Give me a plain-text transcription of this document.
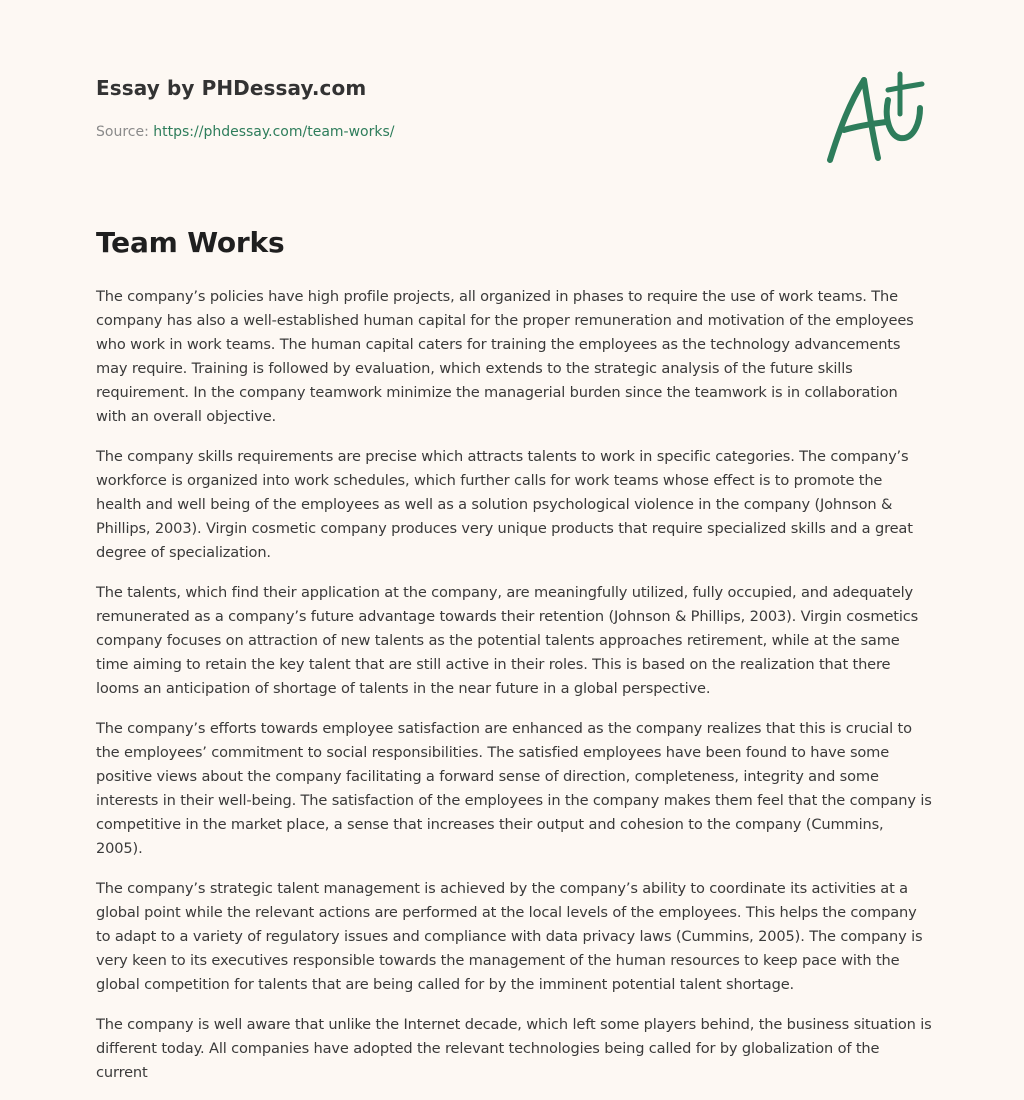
Essay by PHDessay.com

Source: https://phdessay.com/team-works/

Team Works

The company’s policies have high profile projects, all organized in phases to require the use of work teams. The company has also a well-established human capital for the proper remuneration and motivation of the employees who work in work teams. The human capital caters for training the employees as the technology advancements may require. Training is followed by evaluation, which extends to the strategic analysis of the future skills requirement. In the company teamwork minimize the managerial burden since the teamwork is in collaboration with an overall objective.

The company skills requirements are precise which attracts talents to work in specific categories. The company’s workforce is organized into work schedules, which further calls for work teams whose effect is to promote the health and well being of the employees as well as a solution psychological violence in the company (Johnson & Phillips, 2003). Virgin cosmetic company produces very unique products that require specialized skills and a great degree of specialization.

The talents, which find their application at the company, are meaningfully utilized, fully occupied, and adequately remunerated as a company’s future advantage towards their retention (Johnson & Phillips, 2003). Virgin cosmetics company focuses on attraction of new talents as the potential talents approaches retirement, while at the same time aiming to retain the key talent that are still active in their roles. This is based on the realization that there looms an anticipation of shortage of talents in the near future in a global perspective.

The company’s efforts towards employee satisfaction are enhanced as the company realizes that this is crucial to the employees’ commitment to social responsibilities. The satisfied employees have been found to have some positive views about the company facilitating a forward sense of direction, completeness, integrity and some interests in their well-being. The satisfaction of the employees in the company makes them feel that the company is competitive in the market place, a sense that increases their output and cohesion to the company (Cummins, 2005).

The company’s strategic talent management is achieved by the company’s ability to coordinate its activities at a global point while the relevant actions are performed at the local levels of the employees. This helps the company to adapt to a variety of regulatory issues and compliance with data privacy laws (Cummins, 2005). The company is very keen to its executives responsible towards the management of the human resources to keep pace with the global competition for talents that are being called for by the imminent potential talent shortage.

The company is well aware that unlike the Internet decade, which left some players behind, the business situation is different today. All companies have adopted the relevant technologies being called for by globalization of the current
